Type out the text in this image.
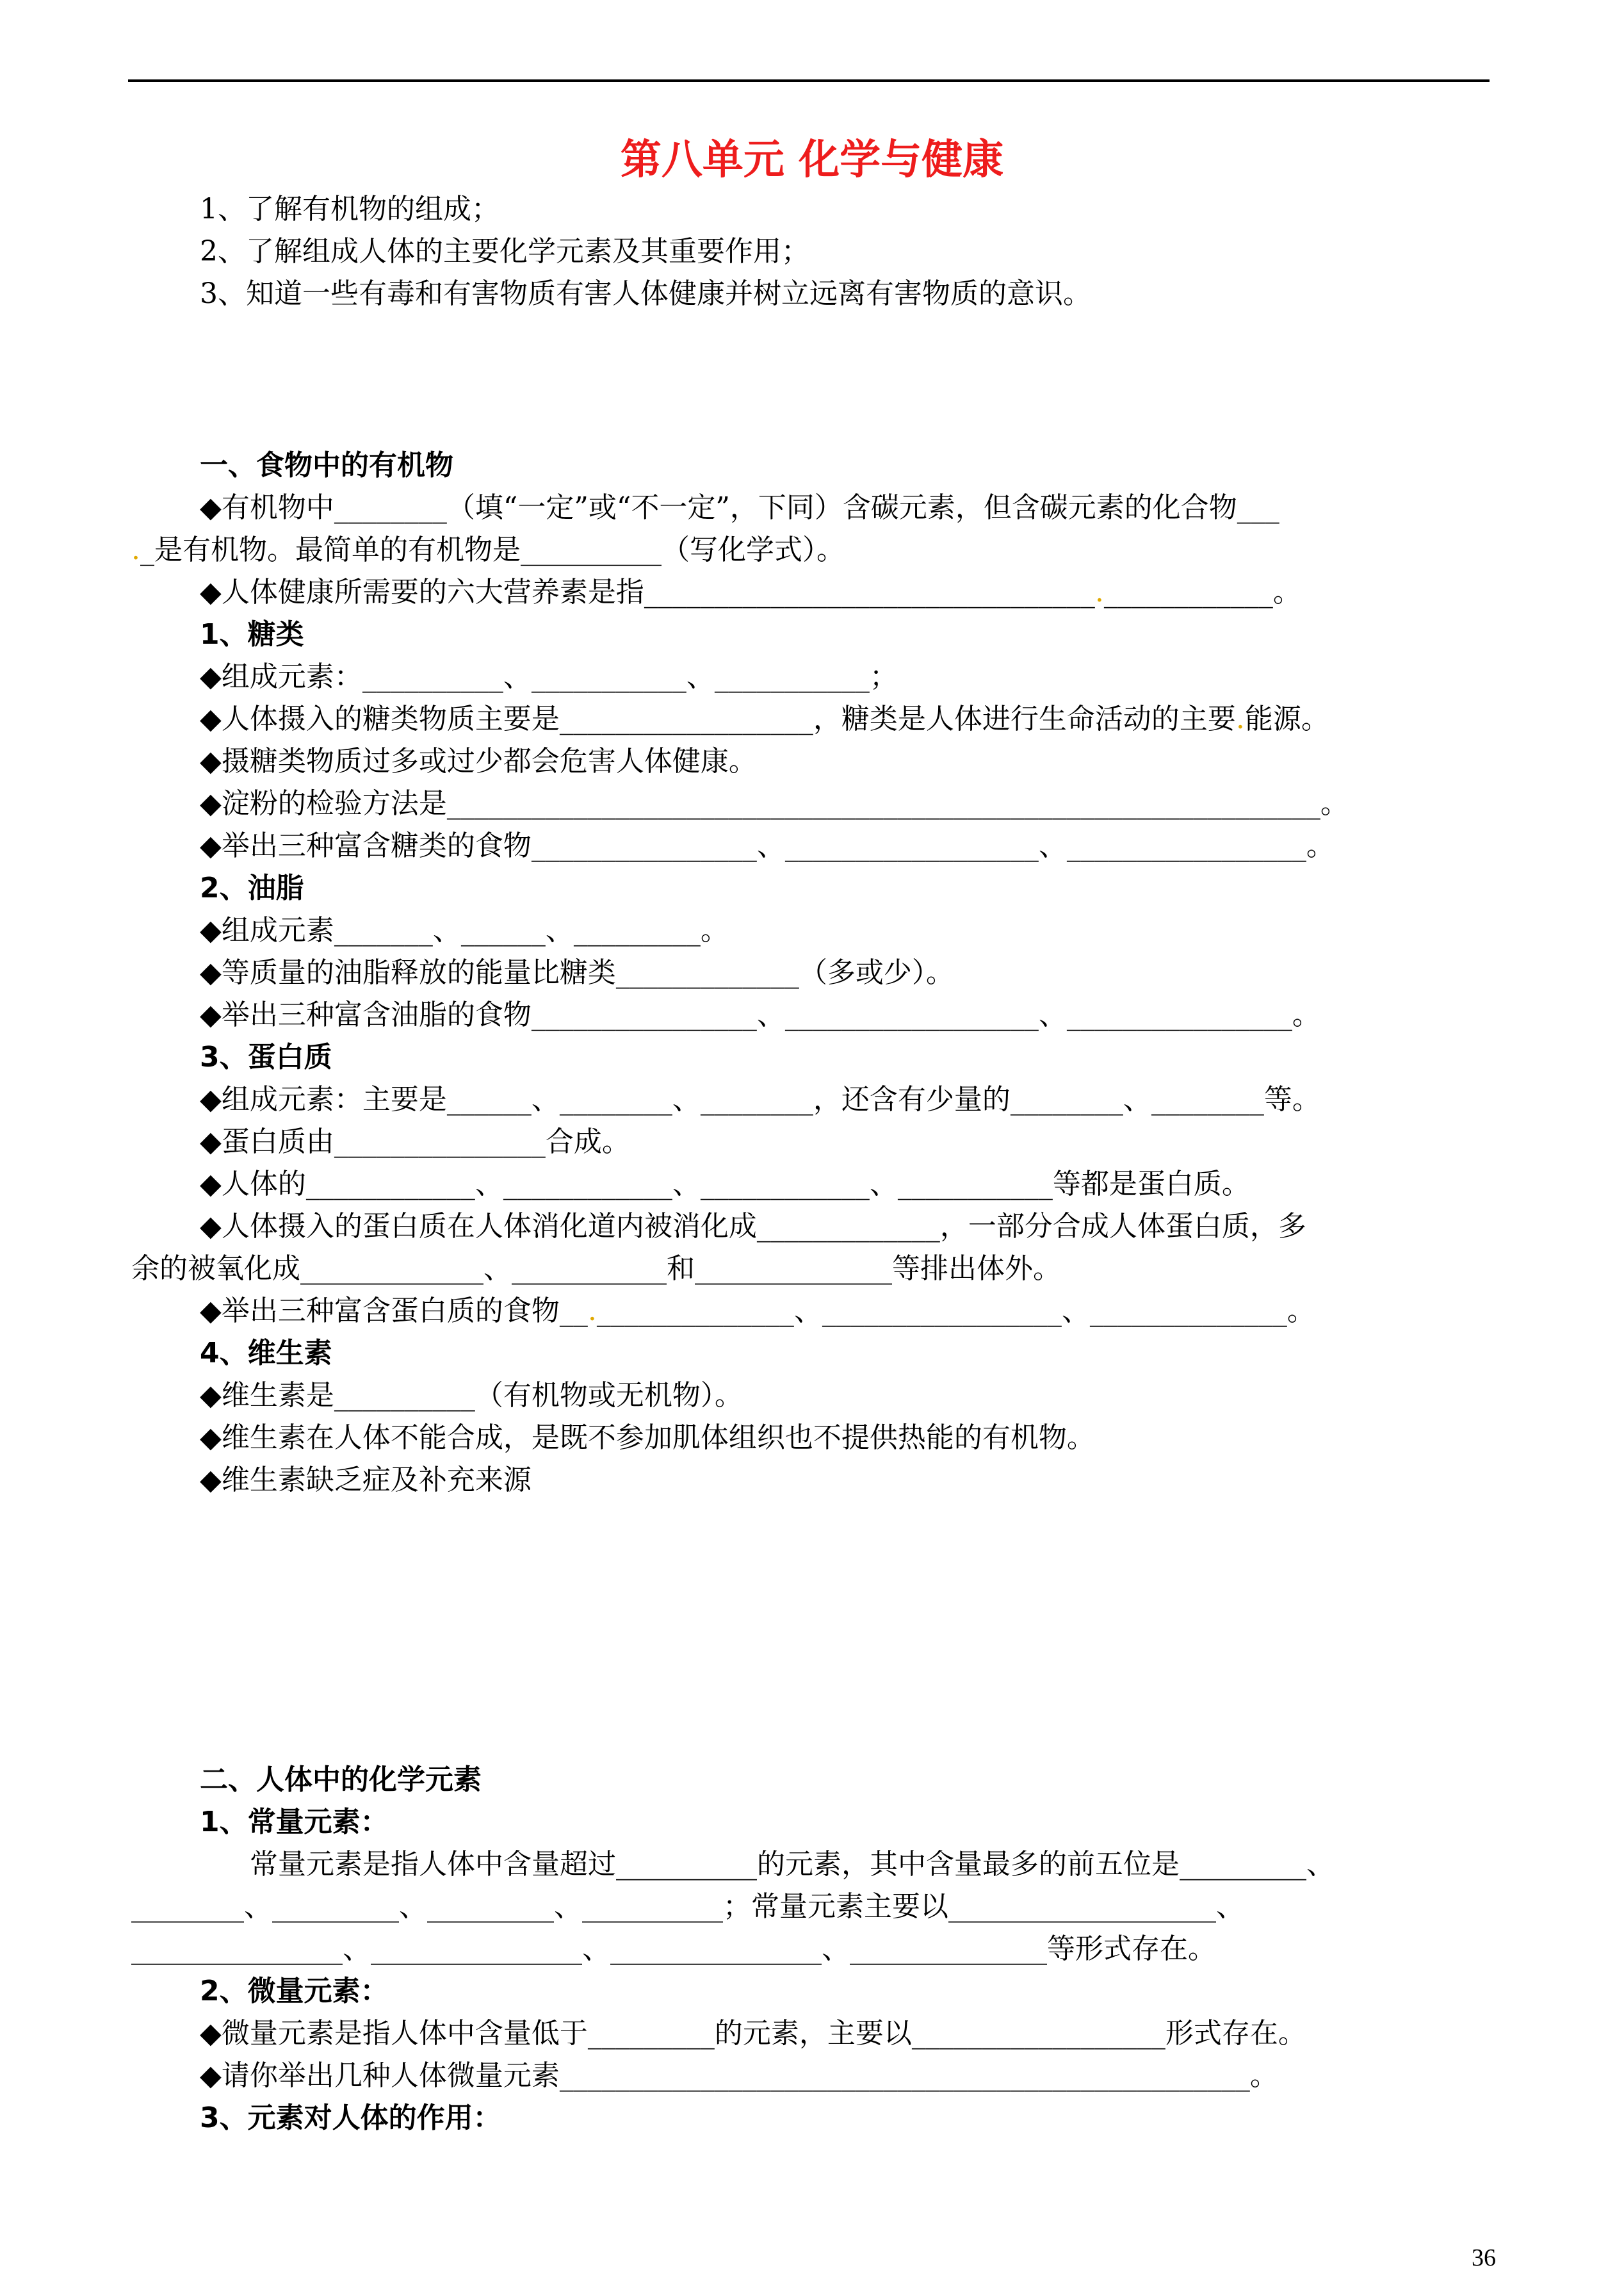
第八单元 化学与健康
1、了解有机物的组成；
2、了解组成人体的主要化学元素及其重要作用；
3、知道一些有毒和有害物质有害人体健康并树立远离有害物质的意识。
一、食物中的有机物
◆有机物中________（填“一定”或“不一定”，下同）含碳元素，但含碳元素的化合物___
._是有机物。最简单的有机物是__________（写化学式）。
◆人体健康所需要的六大营养素是指________________________________.____________。
1、糖类
◆组成元素：__________、___________、___________；
◆人体摄入的糖类物质主要是__________________，糖类是人体进行生命活动的主要.能源。
◆摄糖类物质过多或过少都会危害人体健康。
◆淀粉的检验方法是______________________________________________________________。
◆举出三种富含糖类的食物________________、__________________、_________________。
2、油脂
◆组成元素_______、______、_________。
◆等质量的油脂释放的能量比糖类_____________（多或少）。
◆举出三种富含油脂的食物________________、__________________、________________。
3、蛋白质
◆组成元素：主要是______、________、________，还含有少量的________、________等。
◆蛋白质由_______________合成。
◆人体的____________、____________、____________、___________等都是蛋白质。
◆人体摄入的蛋白质在人体消化道内被消化成_____________，一部分合成人体蛋白质，多
余的被氧化成_____________、___________和______________等排出体外。
◆举出三种富含蛋白质的食物__.______________、_________________、______________。
4、维生素
◆维生素是__________（有机物或无机物）。
◆维生素在人体不能合成，是既不参加肌体组织也不提供热能的有机物。
◆维生素缺乏症及补充来源
二、人体中的化学元素
1、常量元素：
常量元素是指人体中含量超过__________的元素，其中含量最多的前五位是_________、
________、_________、_________、__________；常量元素主要以___________________、
_______________、_______________、_______________、______________等形式存在。
2、微量元素：
◆微量元素是指人体中含量低于_________的元素，主要以__________________形式存在。
◆请你举出几种人体微量元素_________________________________________________。
3、元素对人体的作用：
36
